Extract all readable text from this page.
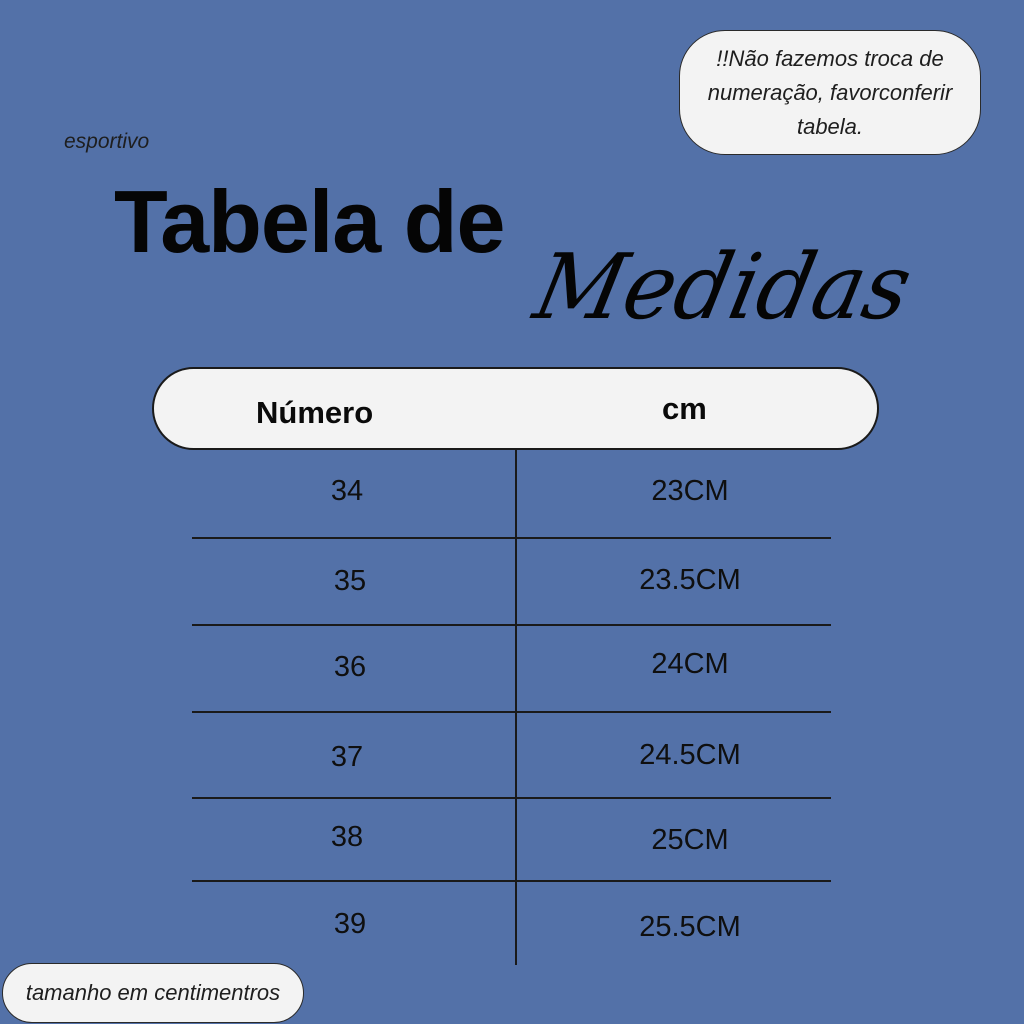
!!Não fazemos troca de numeração, favorconferir tabela.
esportivo
Tabela de
Medidas
Número	cm
34	23CM
35	23.5CM
36	24CM
37	24.5CM
38	25CM
39	25.5CM
tamanho em centimentros
